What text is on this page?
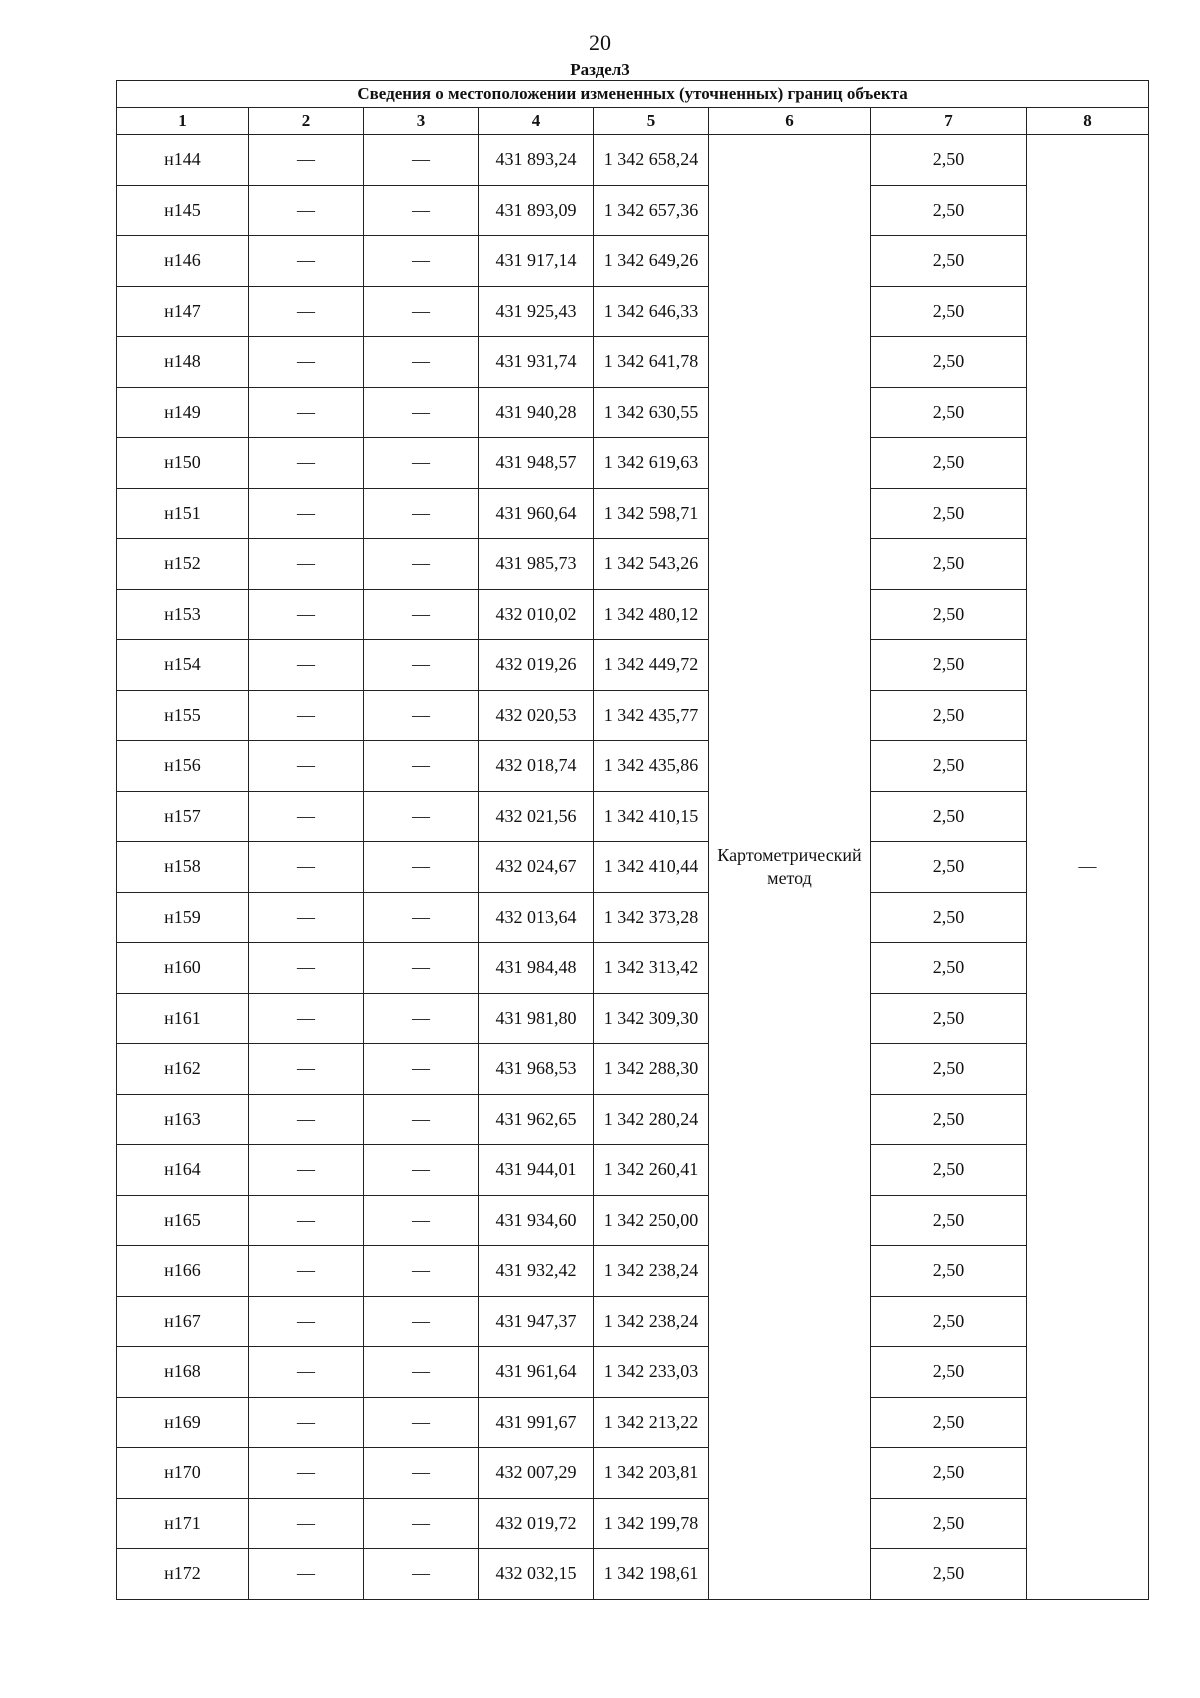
20
Раздел3
Сведения о местоположении измененных (уточненных) границ объекта							
1	2	3	4	5	6	7	8
н144	—	—	431 893,24	1 342 658,24	Картометрический метод	2,50	—
н145	—	—	431 893,09	1 342 657,36		2,50	
н146	—	—	431 917,14	1 342 649,26		2,50	
н147	—	—	431 925,43	1 342 646,33		2,50	
н148	—	—	431 931,74	1 342 641,78		2,50	
н149	—	—	431 940,28	1 342 630,55		2,50	
н150	—	—	431 948,57	1 342 619,63		2,50	
н151	—	—	431 960,64	1 342 598,71		2,50	
н152	—	—	431 985,73	1 342 543,26		2,50	
н153	—	—	432 010,02	1 342 480,12		2,50	
н154	—	—	432 019,26	1 342 449,72		2,50	
н155	—	—	432 020,53	1 342 435,77		2,50	
н156	—	—	432 018,74	1 342 435,86		2,50	
н157	—	—	432 021,56	1 342 410,15		2,50	
н158	—	—	432 024,67	1 342 410,44		2,50	
н159	—	—	432 013,64	1 342 373,28		2,50	
н160	—	—	431 984,48	1 342 313,42		2,50	
н161	—	—	431 981,80	1 342 309,30		2,50	
н162	—	—	431 968,53	1 342 288,30		2,50	
н163	—	—	431 962,65	1 342 280,24		2,50	
н164	—	—	431 944,01	1 342 260,41		2,50	
н165	—	—	431 934,60	1 342 250,00		2,50	
н166	—	—	431 932,42	1 342 238,24		2,50	
н167	—	—	431 947,37	1 342 238,24		2,50	
н168	—	—	431 961,64	1 342 233,03		2,50	
н169	—	—	431 991,67	1 342 213,22		2,50	
н170	—	—	432 007,29	1 342 203,81		2,50	
н171	—	—	432 019,72	1 342 199,78		2,50	
н172	—	—	432 032,15	1 342 198,61		2,50	
